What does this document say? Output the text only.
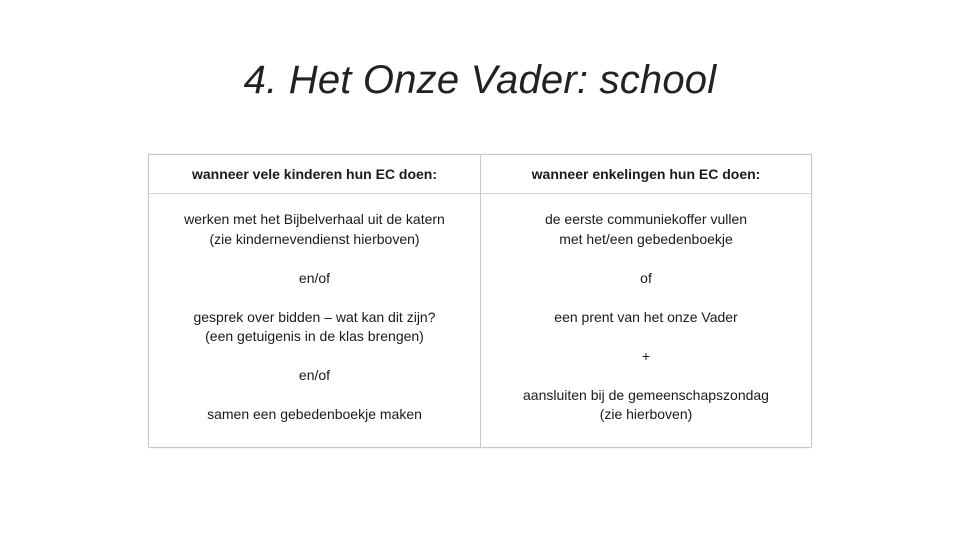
4. Het Onze Vader: school
wanneer vele kinderen hun EC doen:
werken met het Bijbelverhaal uit de katern
(zie kindernevendienst hierboven)
en/of
gesprek over bidden – wat kan dit zijn?
(een getuigenis in de klas brengen)
en/of
samen een gebedenboekje maken
wanneer enkelingen hun EC doen:
de eerste communiekoffer vullen
met het/een gebedenboekje
of
een prent van het onze Vader
+
aansluiten bij de gemeenschapszondag
(zie hierboven)
